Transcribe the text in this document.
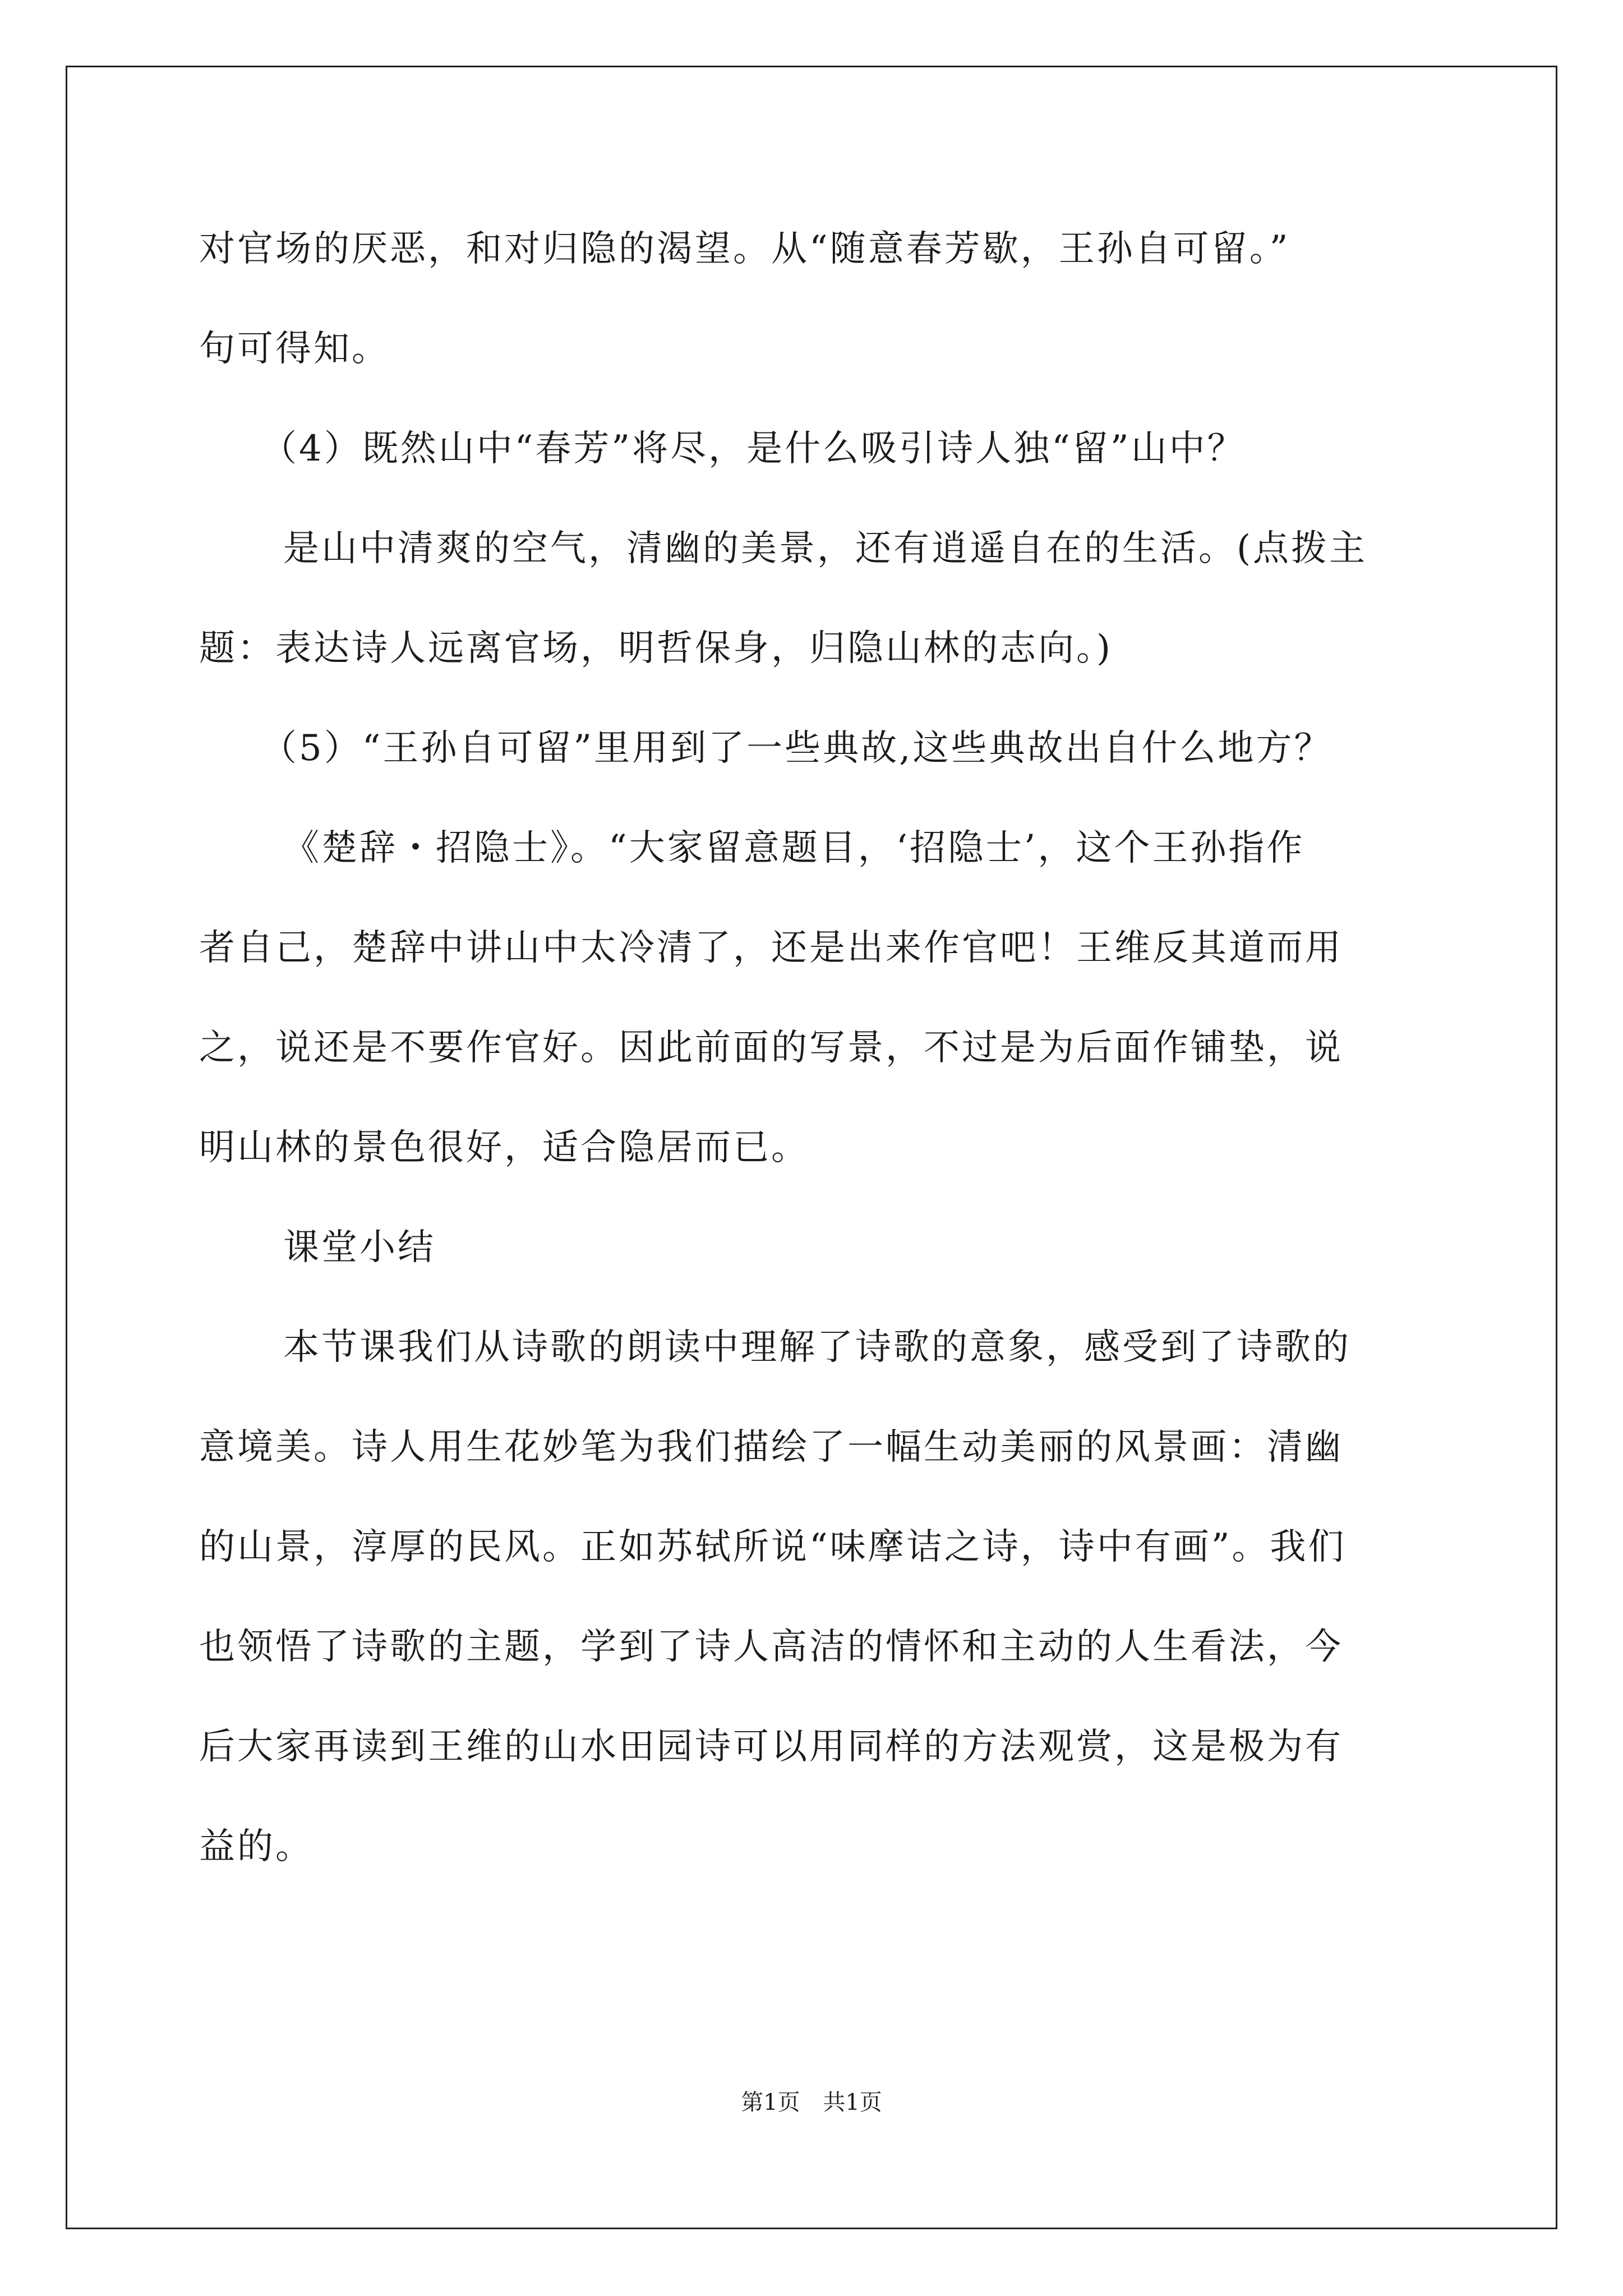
对官场的厌恶，和对归隐的渴望。从“随意春芳歇，王孙自可留。”
句可得知。
（4）既然山中“春芳”将尽，是什么吸引诗人独“留”山中？
是山中清爽的空气，清幽的美景，还有逍遥自在的生活。(点拨主
题：表达诗人远离官场，明哲保身，归隐山林的志向。)
（5）“王孙自可留”里用到了一些典故,这些典故出自什么地方？
《楚辞・招隐士》。“大家留意题目，‘招隐士’，这个王孙指作
者自己，楚辞中讲山中太冷清了，还是出来作官吧！王维反其道而用
之，说还是不要作官好。因此前面的写景，不过是为后面作铺垫，说
明山林的景色很好，适合隐居而已。
课堂小结
本节课我们从诗歌的朗读中理解了诗歌的意象，感受到了诗歌的
意境美。诗人用生花妙笔为我们描绘了一幅生动美丽的风景画：清幽
的山景，淳厚的民风。正如苏轼所说“味摩诘之诗，诗中有画”。我们
也领悟了诗歌的主题，学到了诗人高洁的情怀和主动的人生看法，今
后大家再读到王维的山水田园诗可以用同样的方法观赏，这是极为有
益的。
第1页 共1页
